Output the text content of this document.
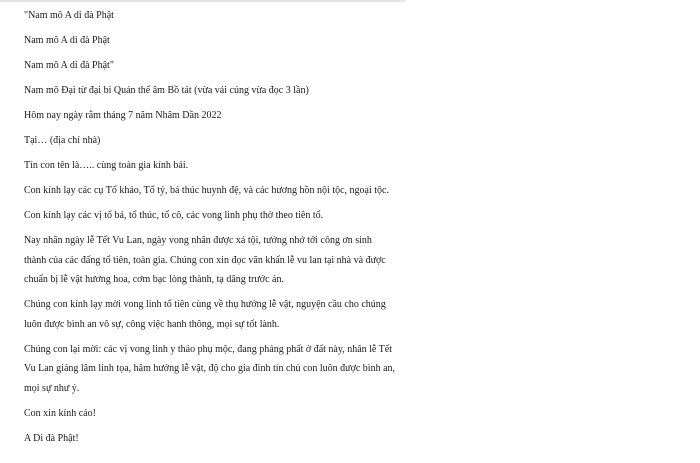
"Nam mô A di đà Phật

Nam mô A di đà Phật

Nam mô A di đà Phật"

Nam mô Đại từ đại bi Quán thế âm Bồ tát (vừa vái cúng vừa đọc 3 lần)

Hôm nay ngày rằm tháng 7 năm Nhâm Dần 2022

Tại… (địa chỉ nhà)

Tín con tên là….. cùng toàn gia kính bái.

Con kính lạy các cụ Tổ khảo, Tổ tỷ, bá thúc huynh đệ, và các hương hồn nội tộc, ngoại tộc.

Con kính lạy các vị tổ bá, tổ thúc, tổ cô, các vong linh phụ thờ theo tiên tổ.

Nay nhân ngày lễ Tết Vu Lan, ngày vong nhân được xá tội, tưởng nhớ tới công ơn sinh thành của các đấng tổ tiên, toàn gia. Chúng con xin đọc văn khấn lễ vu lan tại nhà và được chuẩn bị lễ vật hương hoa, cơm bạc lòng thành, tạ dâng trước án.

Chúng con kính lạy mời vong linh tổ tiên cùng về thụ hưởng lễ vật, nguyện cầu cho chúng luôn được bình an vô sự, công việc hanh thông, mọi sự tốt lành.

Chúng con lại mời: các vị vong linh y thảo phụ mộc, đang phảng phất ở đất này, nhân lễ Tết Vu Lan giáng lâm linh tọa, hâm hưởng lễ vật, độ cho gia đình tín chủ con luôn được bình an, mọi sự như ý.

Con xin kính cáo!

A Di đà Phật!
